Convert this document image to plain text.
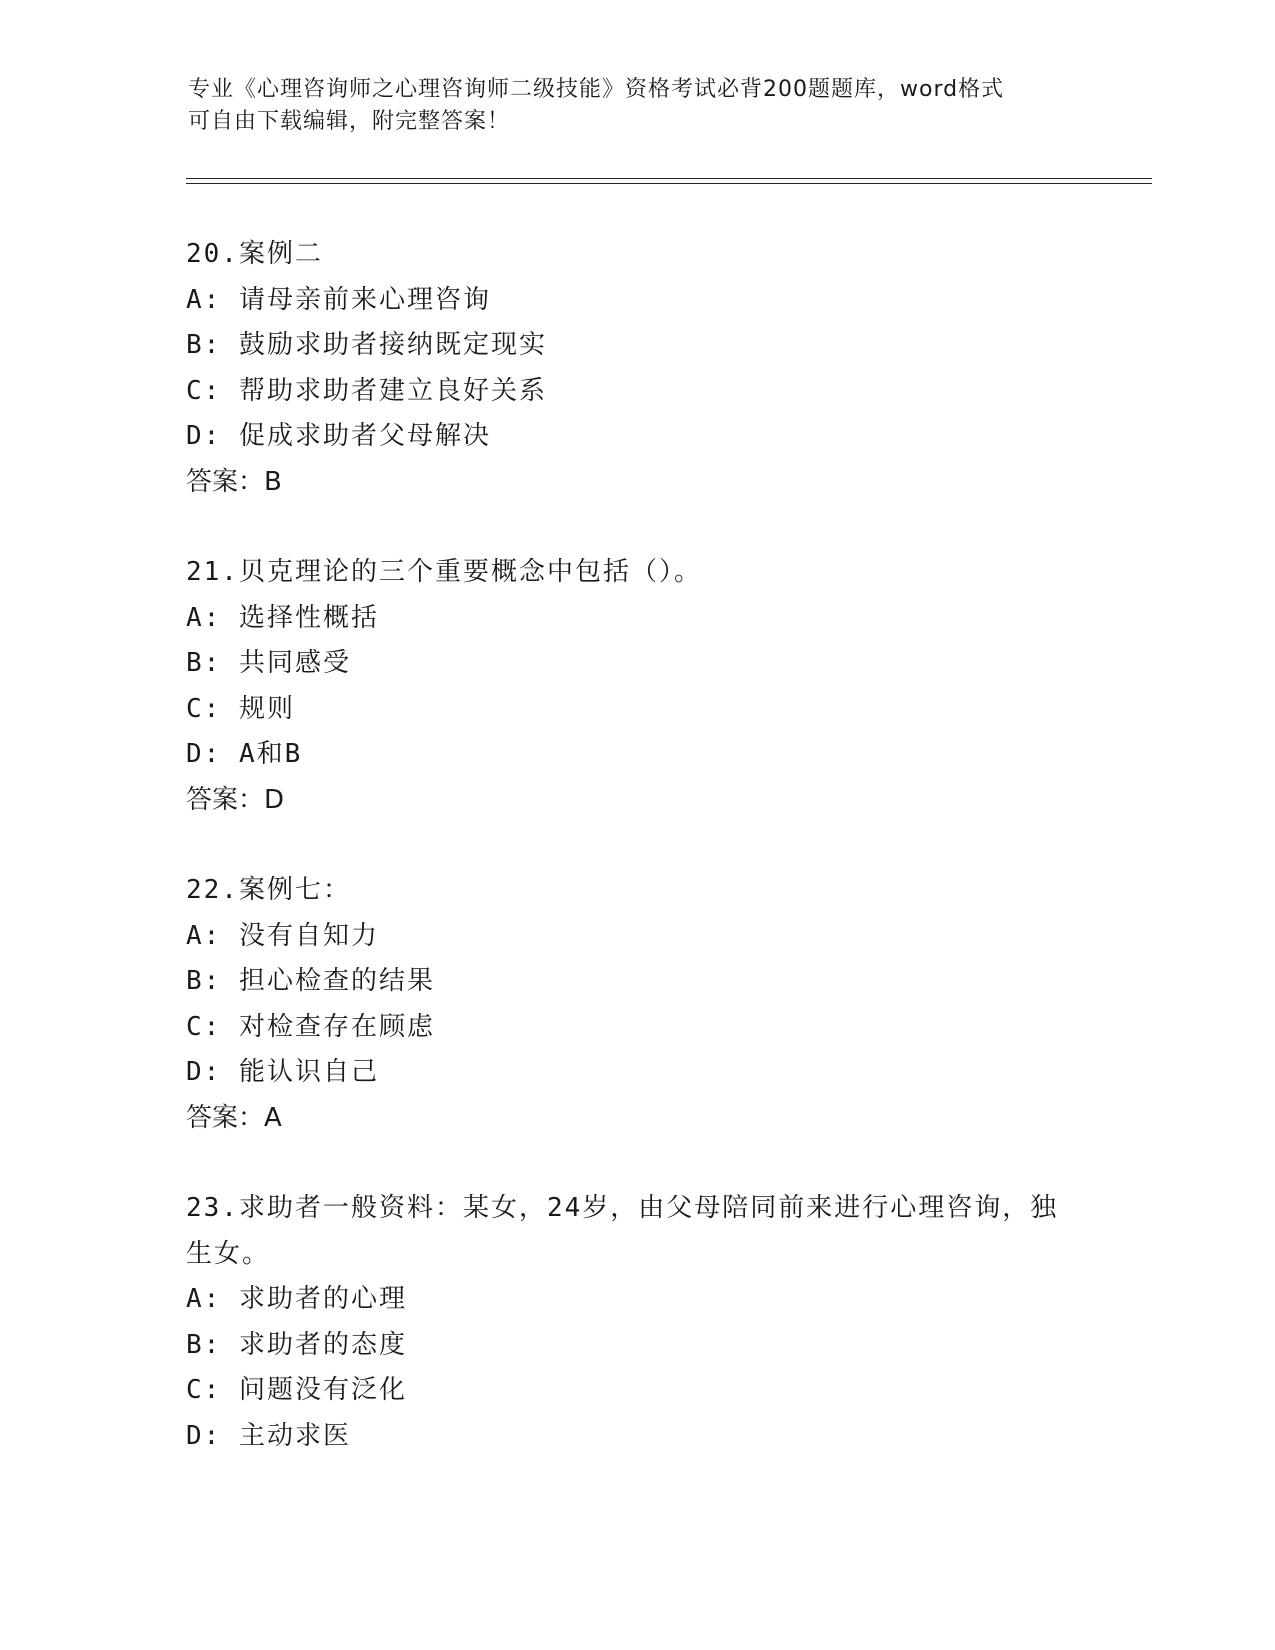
专业《心理咨询师之心理咨询师二级技能》资格考试必背200题题库，word格式
可自由下载编辑，附完整答案！
20.案例二
A: 请母亲前来心理咨询
B: 鼓励求助者接纳既定现实
C: 帮助求助者建立良好关系
D: 促成求助者父母解决
答案：B
21.贝克理论的三个重要概念中包括（）。
A: 选择性概括
B: 共同感受
C: 规则
D: A和B
答案：D
22.案例七：
A: 没有自知力
B: 担心检查的结果
C: 对检查存在顾虑
D: 能认识自己
答案：A
23.求助者一般资料：某女，24岁，由父母陪同前来进行心理咨询，独生女。
A: 求助者的心理
B: 求助者的态度
C: 问题没有泛化
D: 主动求医
